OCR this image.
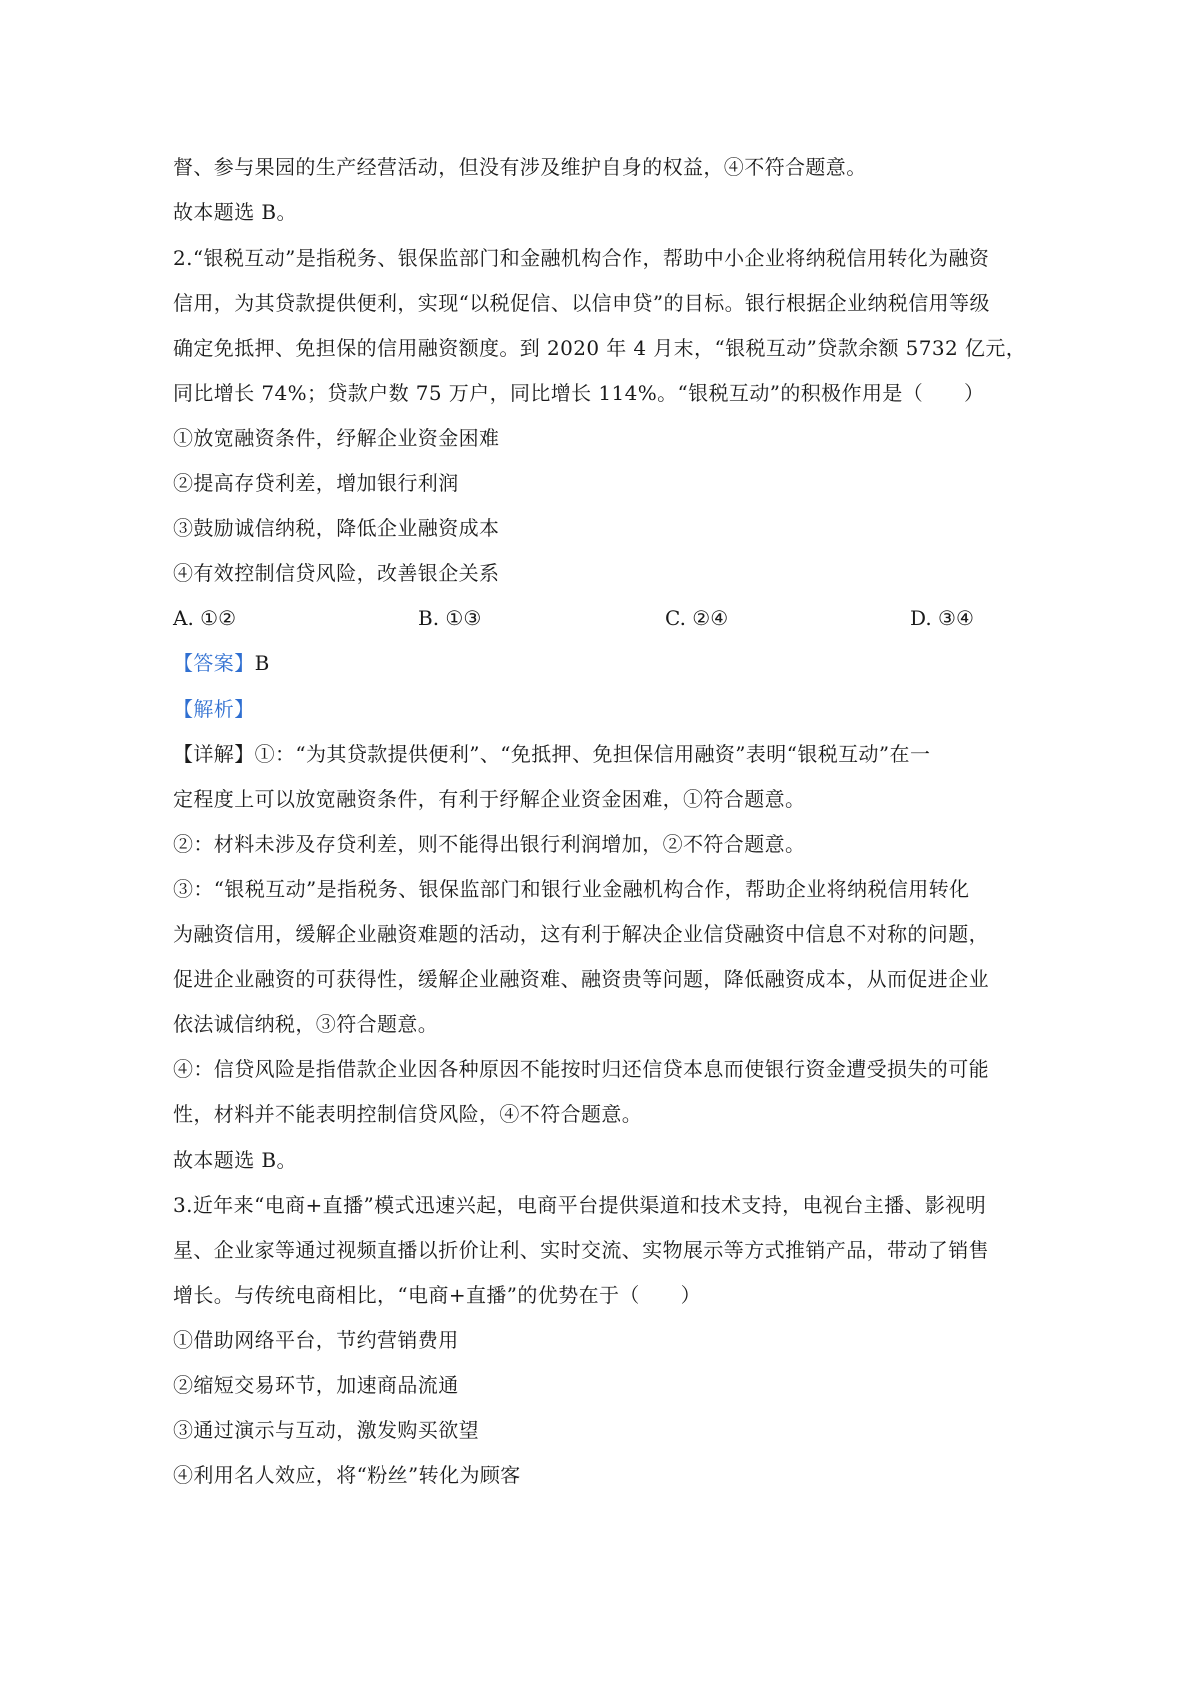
督、参与果园的生产经营活动，但没有涉及维护自身的权益，④不符合题意。
故本题选 B。
2.“银税互动”是指税务、银保监部门和金融机构合作，帮助中小企业将纳税信用转化为融资
信用，为其贷款提供便利，实现“以税促信、以信申贷”的目标。银行根据企业纳税信用等级
确定免抵押、免担保的信用融资额度。到 2020 年 4 月末，“银税互动”贷款余额 5732 亿元，
同比增长 74%；贷款户数 75 万户，同比增长 114%。“银税互动”的积极作用是（　　）
①放宽融资条件，纾解企业资金困难
②提高存贷利差，增加银行利润
③鼓励诚信纳税，降低企业融资成本
④有效控制信贷风险，改善银企关系
A. ①②	B. ①③	C. ②④	D. ③④
【答案】B
【解析】
【详解】①：“为其贷款提供便利”、“免抵押、免担保信用融资”表明“银税互动”在一
定程度上可以放宽融资条件，有利于纾解企业资金困难，①符合题意。
②：材料未涉及存贷利差，则不能得出银行利润增加，②不符合题意。
③：“银税互动”是指税务、银保监部门和银行业金融机构合作，帮助企业将纳税信用转化
为融资信用，缓解企业融资难题的活动，这有利于解决企业信贷融资中信息不对称的问题，
促进企业融资的可获得性，缓解企业融资难、融资贵等问题，降低融资成本，从而促进企业
依法诚信纳税，③符合题意。
④：信贷风险是指借款企业因各种原因不能按时归还信贷本息而使银行资金遭受损失的可能
性，材料并不能表明控制信贷风险，④不符合题意。
故本题选 B。
3.近年来“电商+直播”模式迅速兴起，电商平台提供渠道和技术支持，电视台主播、影视明
星、企业家等通过视频直播以折价让利、实时交流、实物展示等方式推销产品，带动了销售
增长。与传统电商相比，“电商+直播”的优势在于（　　）
①借助网络平台，节约营销费用
②缩短交易环节，加速商品流通
③通过演示与互动，激发购买欲望
④利用名人效应，将“粉丝”转化为顾客
